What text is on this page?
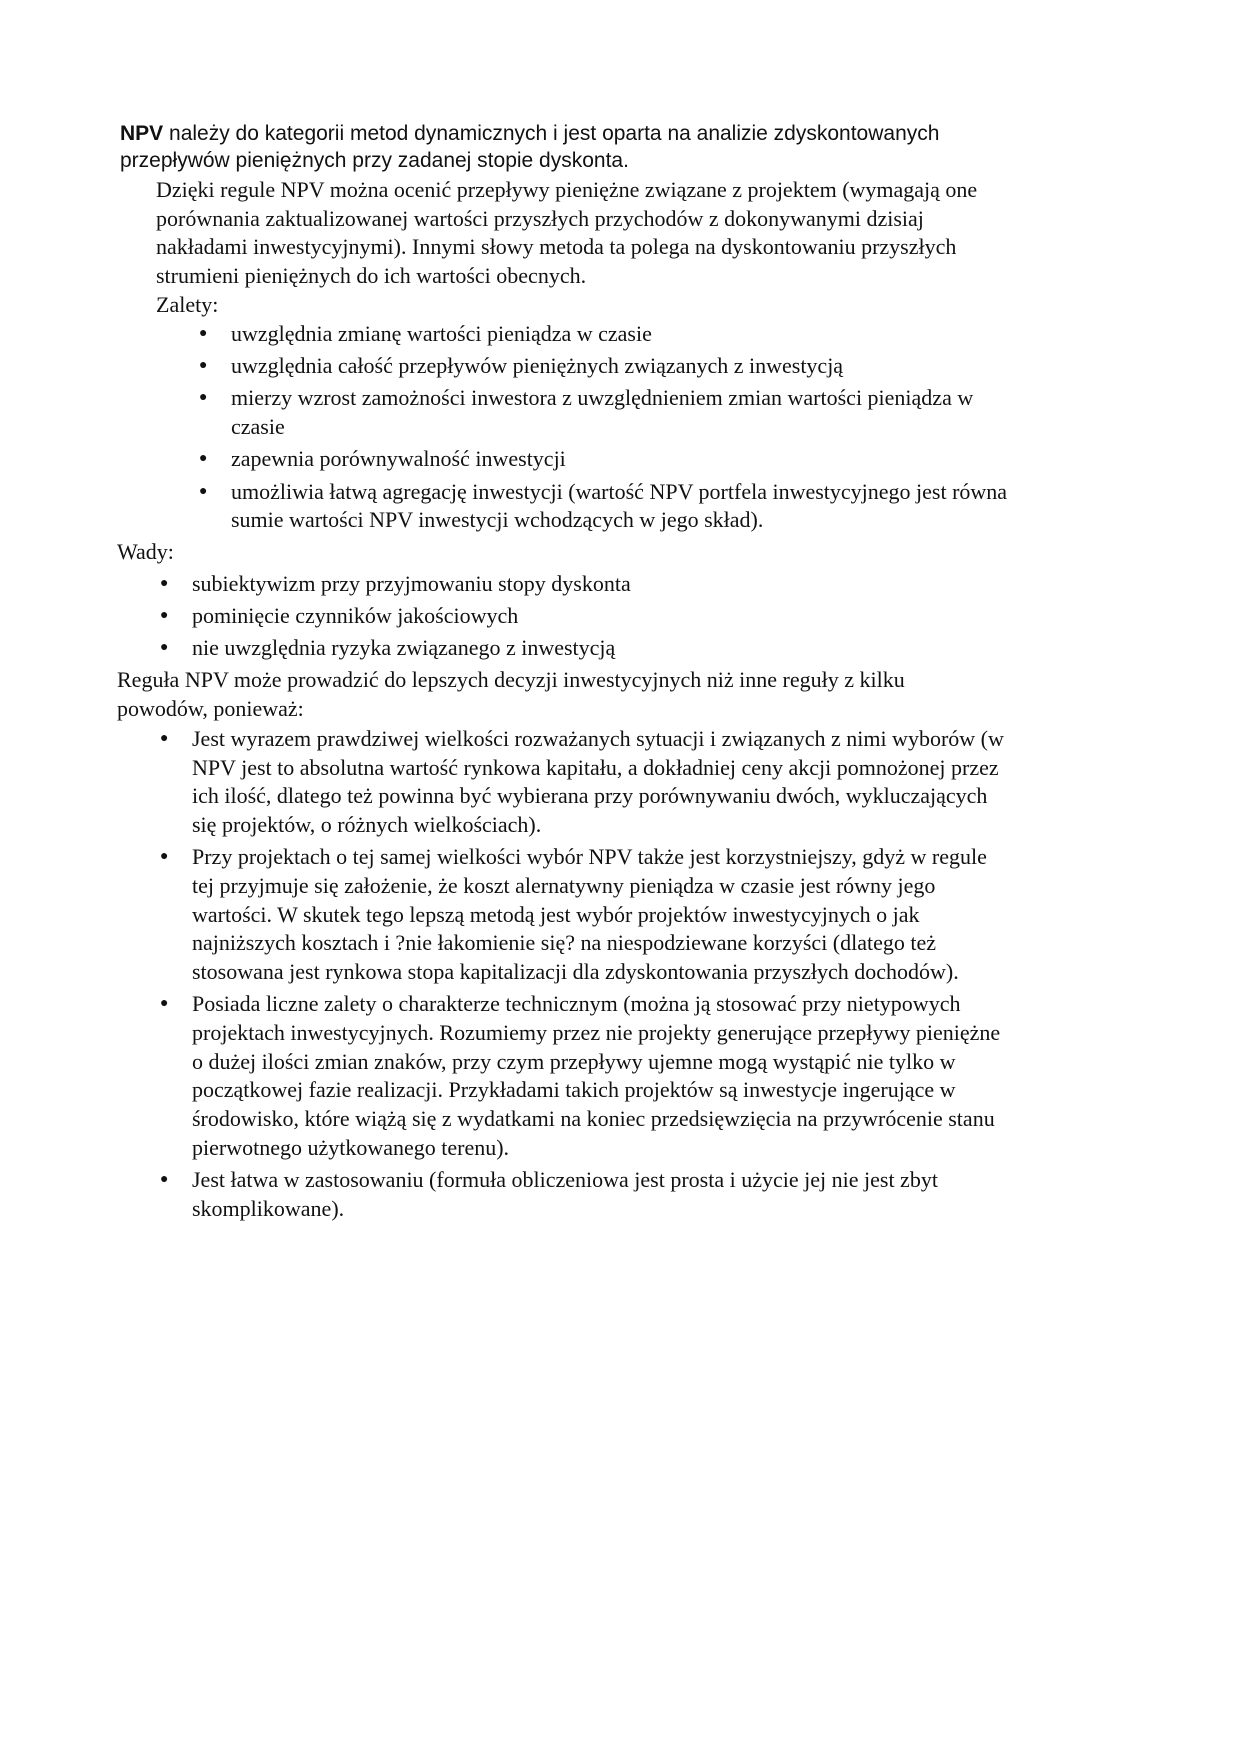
NPV należy do kategorii metod dynamicznych i jest oparta na analizie zdyskontowanych
przepływów pieniężnych przy zadanej stopie dyskonta.
Dzięki regule NPV można ocenić przepływy pieniężne związane z projektem (wymagają one
porównania zaktualizowanej wartości przyszłych przychodów z dokonywanymi dzisiaj
nakładami inwestycyjnymi). Innymi słowy metoda ta polega na dyskontowaniu przyszłych
strumieni pieniężnych do ich wartości obecnych.
Zalety:
● uwzględnia zmianę wartości pieniądza w czasie
● uwzględnia całość przepływów pieniężnych związanych z inwestycją
● mierzy wzrost zamożności inwestora z uwzględnieniem zmian wartości pieniądza w
czasie
● zapewnia porównywalność inwestycji
● umożliwia łatwą agregację inwestycji (wartość NPV portfela inwestycyjnego jest równa
sumie wartości NPV inwestycji wchodzących w jego skład).
Wady:
● subiektywizm przy przyjmowaniu stopy dyskonta
● pominięcie czynników jakościowych
● nie uwzględnia ryzyka związanego z inwestycją
Reguła NPV może prowadzić do lepszych decyzji inwestycyjnych niż inne reguły z kilku
powodów, ponieważ:
● Jest wyrazem prawdziwej wielkości rozważanych sytuacji i związanych z nimi wyborów (w
NPV jest to absolutna wartość rynkowa kapitału, a dokładniej ceny akcji pomnożonej przez
ich ilość, dlatego też powinna być wybierana przy porównywaniu dwóch, wykluczających
się projektów, o różnych wielkościach).
● Przy projektach o tej samej wielkości wybór NPV także jest korzystniejszy, gdyż w regule
tej przyjmuje się założenie, że koszt alernatywny pieniądza w czasie jest równy jego
wartości. W skutek tego lepszą metodą jest wybór projektów inwestycyjnych o jak
najniższych kosztach i ?nie łakomienie się? na niespodziewane korzyści (dlatego też
stosowana jest rynkowa stopa kapitalizacji dla zdyskontowania przyszłych dochodów).
● Posiada liczne zalety o charakterze technicznym (można ją stosować przy nietypowych
projektach inwestycyjnych. Rozumiemy przez nie projekty generujące przepływy pieniężne
o dużej ilości zmian znaków, przy czym przepływy ujemne mogą wystąpić nie tylko w
początkowej fazie realizacji. Przykładami takich projektów są inwestycje ingerujące w
środowisko, które wiążą się z wydatkami na koniec przedsięwzięcia na przywrócenie stanu
pierwotnego użytkowanego terenu).
● Jest łatwa w zastosowaniu (formuła obliczeniowa jest prosta i użycie jej nie jest zbyt
skomplikowane).
